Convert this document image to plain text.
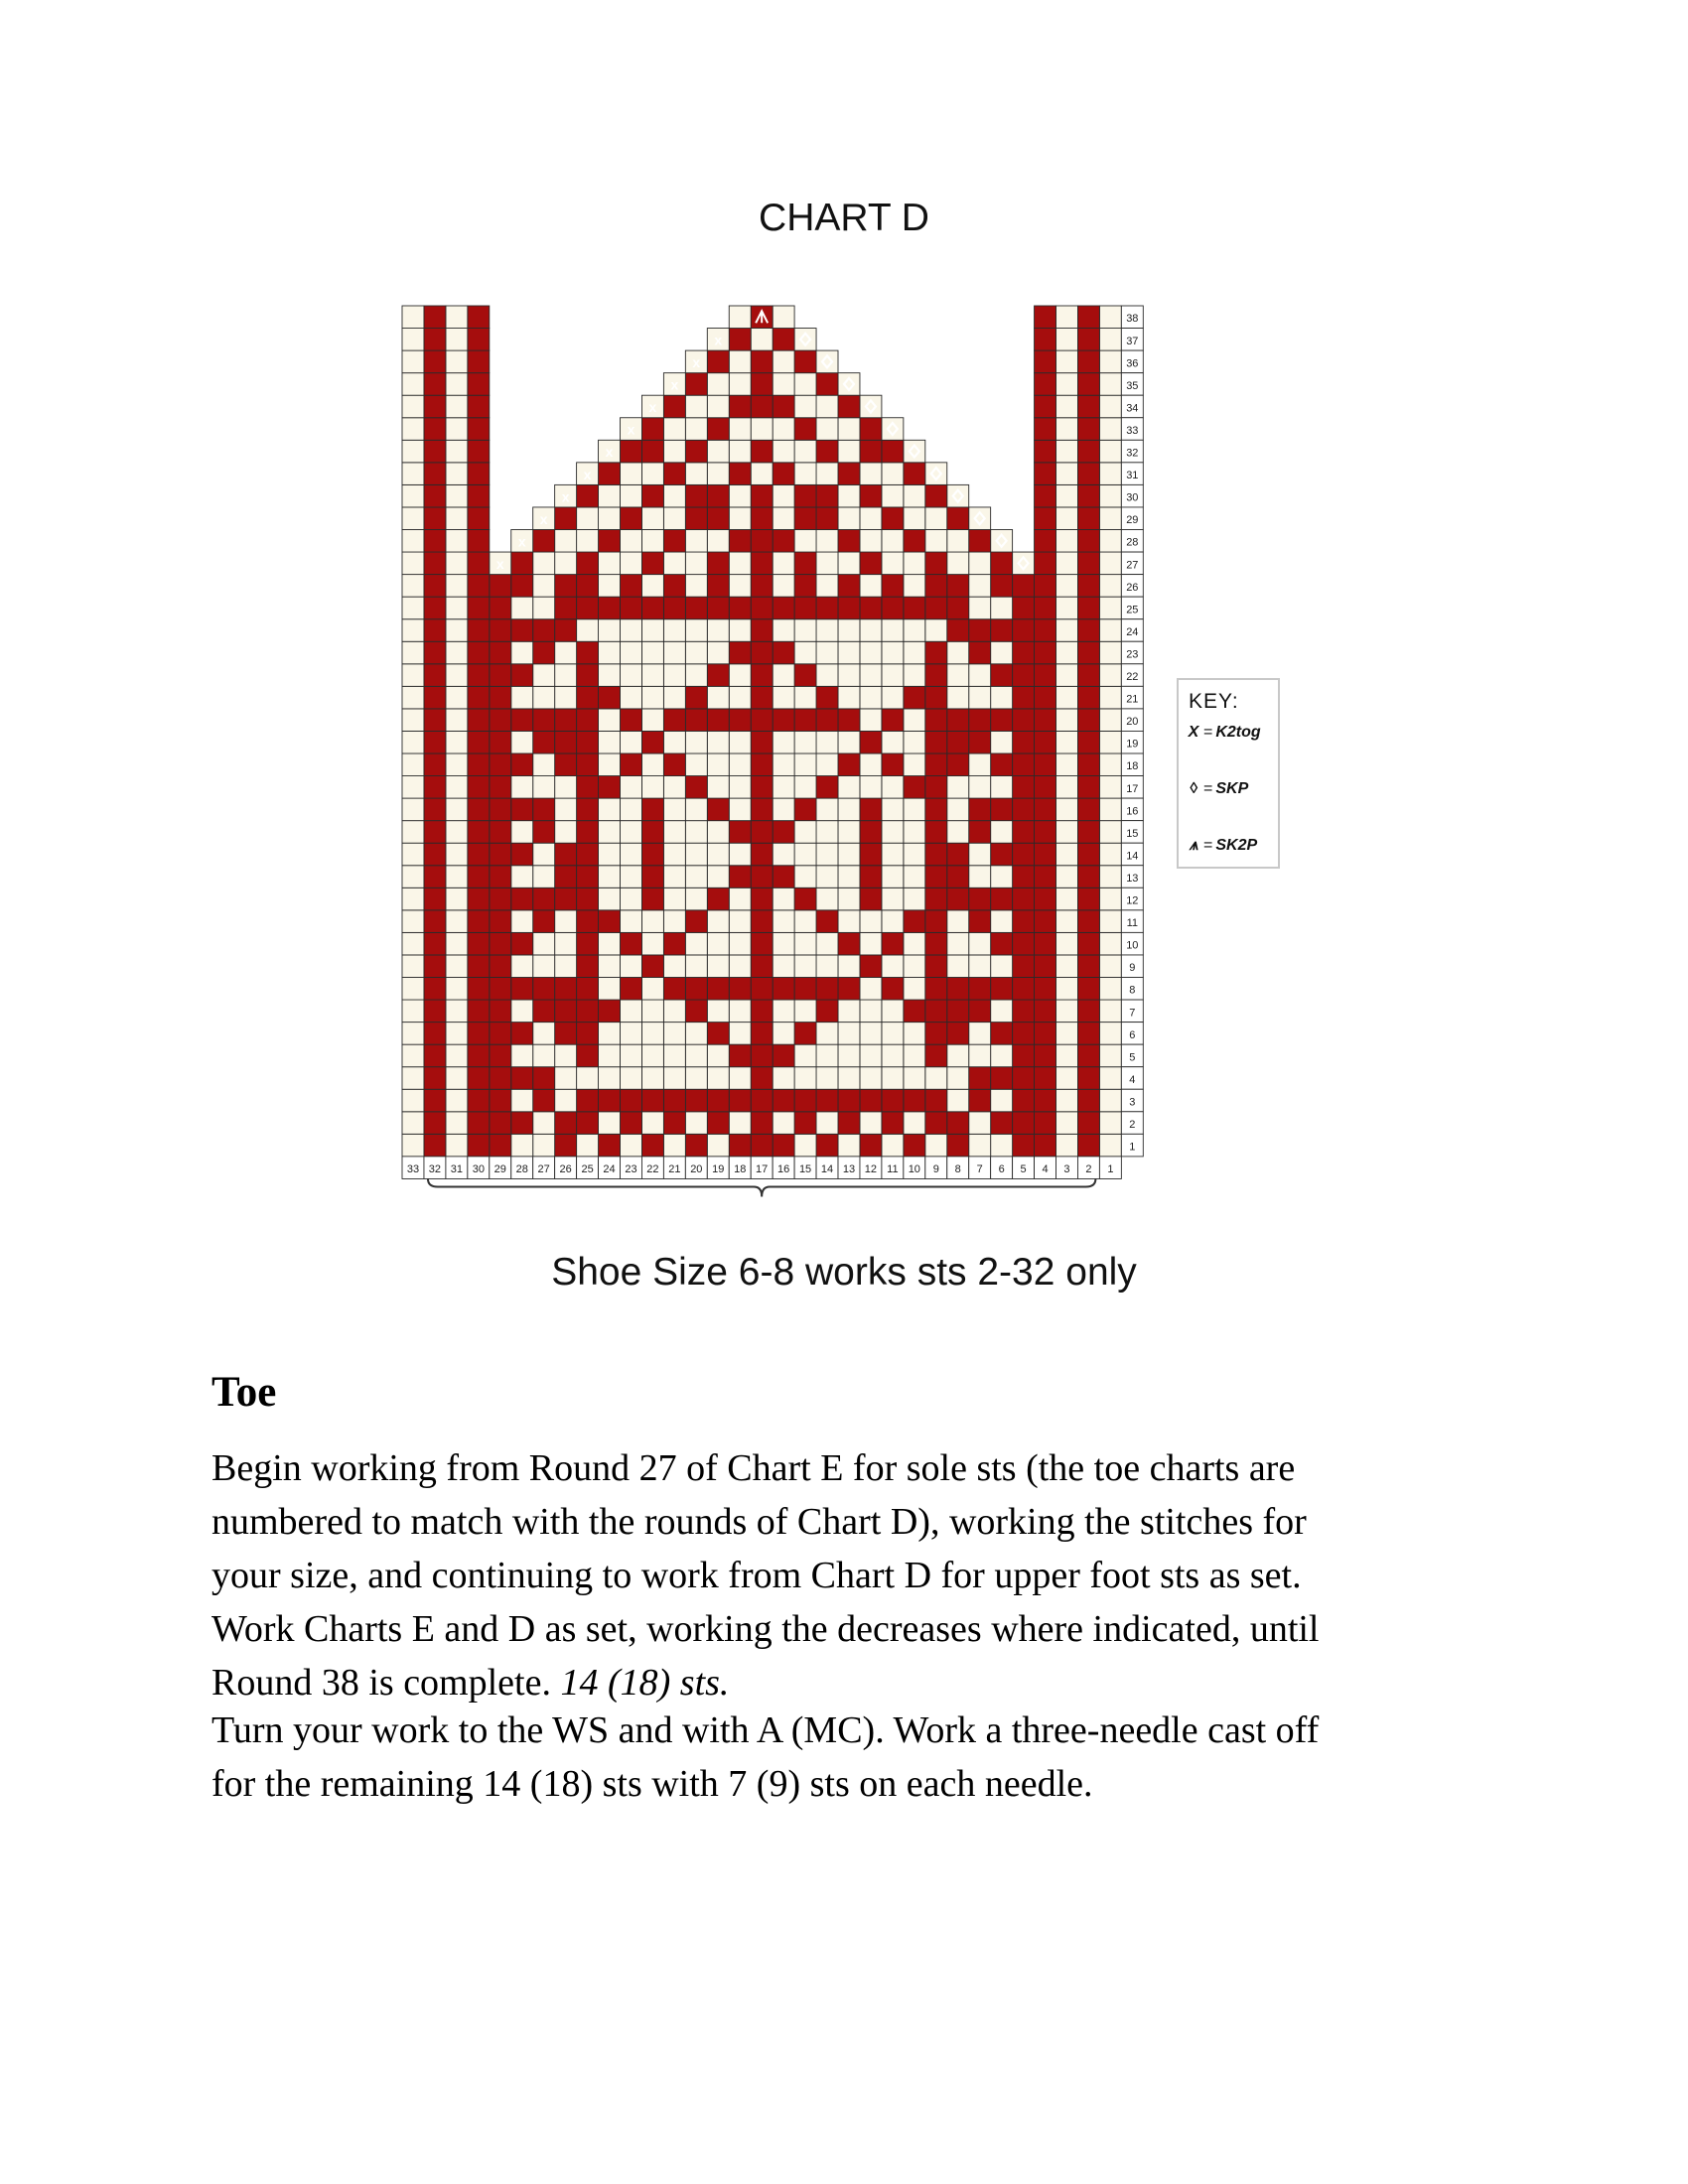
CHART D
x
x
x
x
x
x
x
x
x
x
x
38
37
36
35
34
33
32
31
30
29
28
27
26
25
24
23
22
21
20
19
18
17
16
15
14
13
12
11
10
9
8
7
6
5
4
3
2
1
33 32 31 30 29 28 27 26 25 24 23 22 21 20 19 18 17 16 15 14 13 12 11 10 9 8 7 6 5 4 3 2 1
Shoe Size 6-8 works sts 2-32 only
KEY:
X = K2tog
◊ = SKP
⩚ = SK2P
Toe
Begin working from Round 27 of Chart E for sole sts (the toe charts are
numbered to match with the rounds of Chart D), working the stitches for
your size, and continuing to work from Chart D for upper foot sts as set.
Work Charts E and D as set, working the decreases where indicated, until
Round 38 is complete. 14 (18) sts.
Turn your work to the WS and with A (MC). Work a three-needle cast off
for the remaining 14 (18) sts with 7 (9) sts on each needle.
